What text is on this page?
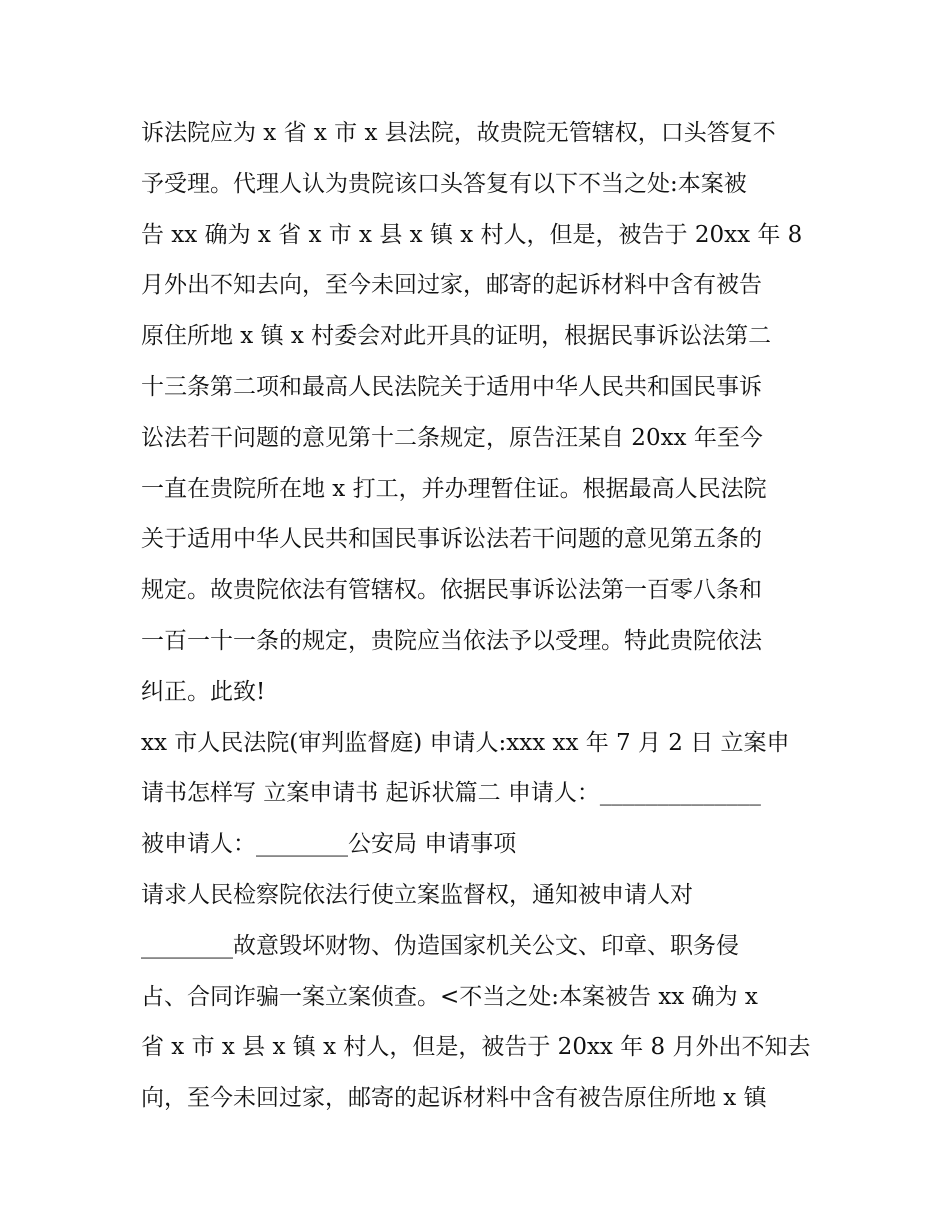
诉法院应为 x 省 x 市 x 县法院，故贵院无管辖权，口头答复不
予受理。代理人认为贵院该口头答复有以下不当之处:本案被
告 xx 确为 x 省 x 市 x 县 x 镇 x 村人，但是，被告于 20xx 年 8
月外出不知去向，至今未回过家，邮寄的起诉材料中含有被告
原住所地 x 镇 x 村委会对此开具的证明，根据民事诉讼法第二
十三条第二项和最高人民法院关于适用中华人民共和国民事诉
讼法若干问题的意见第十二条规定，原告汪某自 20xx 年至今
一直在贵院所在地 x 打工，并办理暂住证。根据最高人民法院
关于适用中华人民共和国民事诉讼法若干问题的意见第五条的
规定。故贵院依法有管辖权。依据民事诉讼法第一百零八条和
一百一十一条的规定，贵院应当依法予以受理。特此贵院依法
纠正。此致!
xx 市人民法院(审判监督庭) 申请人:xxx xx 年 7 月 2 日 立案申
请书怎样写 立案申请书 起诉状篇二 申请人：______________
被申请人：________公安局 申请事项
请求人民检察院依法行使立案监督权，通知被申请人对
________故意毁坏财物、伪造国家机关公文、印章、职务侵
占、合同诈骗一案立案侦查。<不当之处:本案被告 xx 确为 x
省 x 市 x 县 x 镇 x 村人，但是，被告于 20xx 年 8 月外出不知去
向，至今未回过家，邮寄的起诉材料中含有被告原住所地 x 镇
